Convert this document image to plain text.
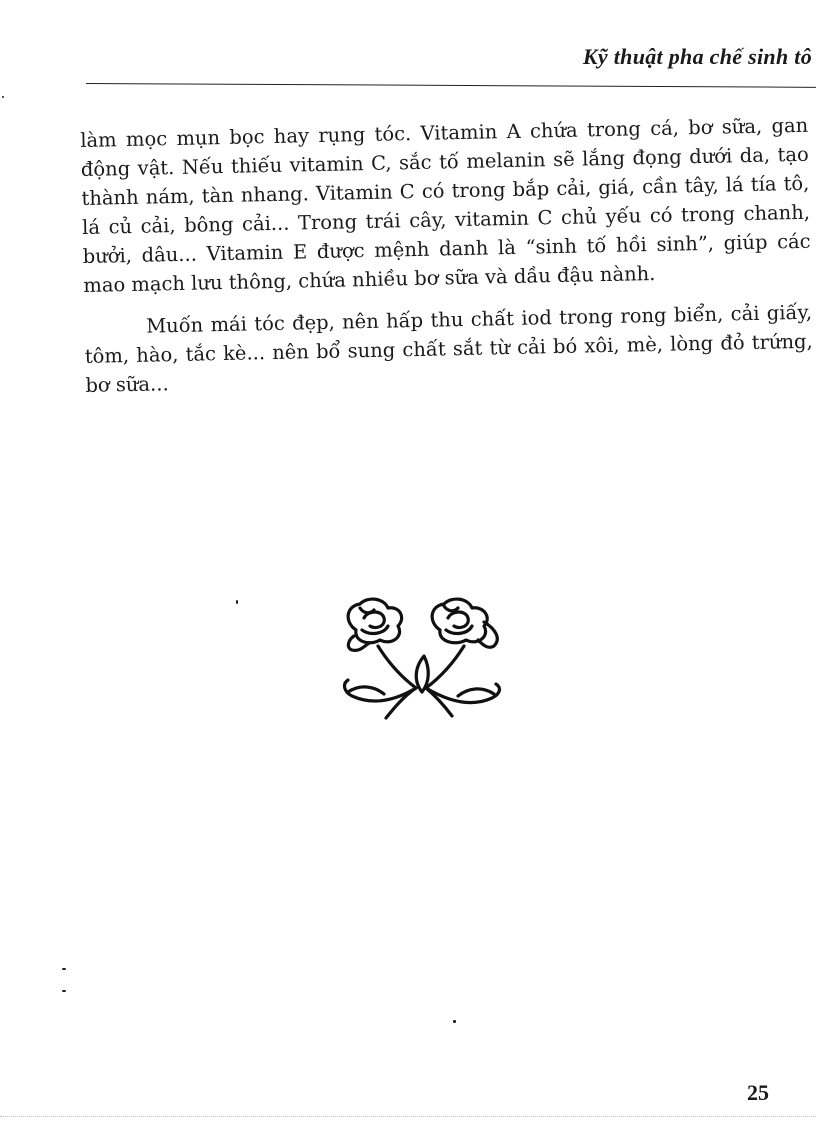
Kỹ thuật pha chế sinh tô

làm mọc mụn bọc hay rụng tóc. Vitamin A chứa trong cá, bơ sữa, gan động vật. Nếu thiếu vitamin C, sắc tố melanin sẽ lắng đọng dưới da, tạo thành nám, tàn nhang. Vitamin C có trong bắp cải, giá, cần tây, lá tía tô, lá củ cải, bông cải... Trong trái cây, vitamin C chủ yếu có trong chanh, bưởi, dâu... Vitamin E được mệnh danh là “sinh tố hồi sinh”, giúp các mao mạch lưu thông, chứa nhiều bơ sữa và dầu đậu nành.

Muốn mái tóc đẹp, nên hấp thu chất iod trong rong biển, cải giấy, tôm, hào, tắc kè... nên bổ sung chất sắt từ cải bó xôi, mè, lòng đỏ trứng, bơ sữa...

25
